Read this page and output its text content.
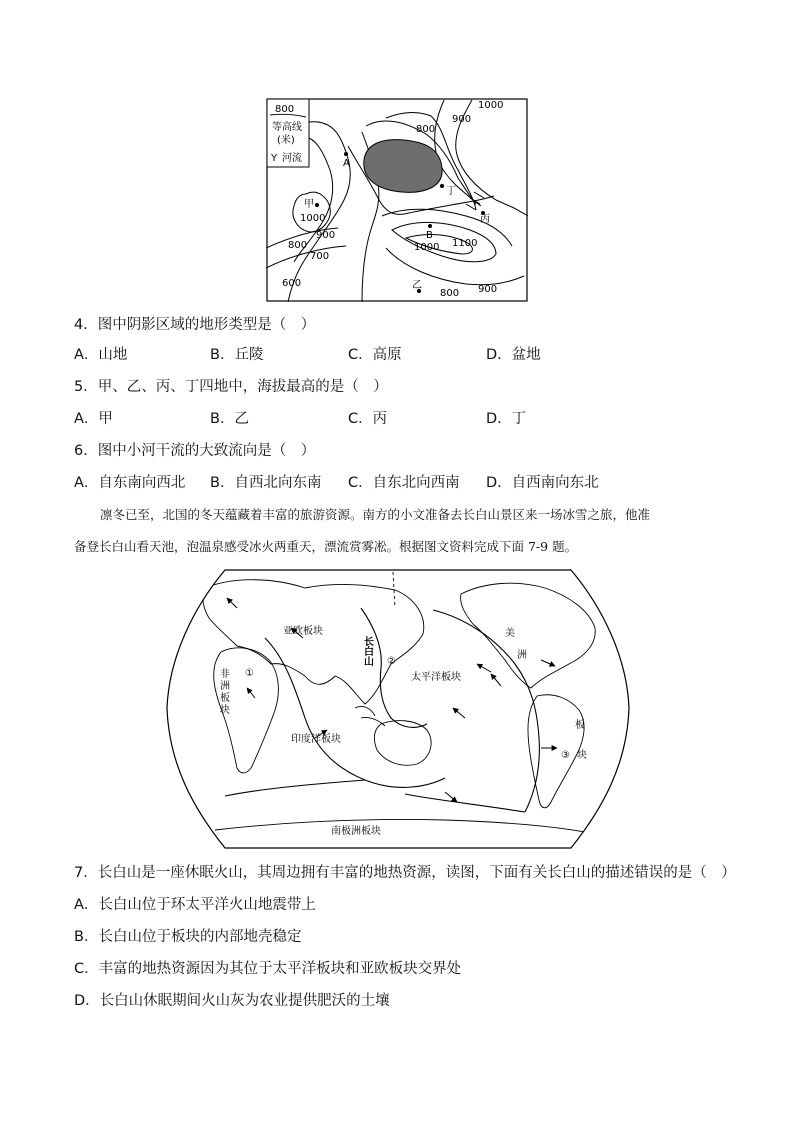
800
等高线
(米)
Y 河流
1000
900
800
A
甲
1000
900
800
700
600
丁
丙
B
1000 1100
乙
800 900
4．图中阴影区域的地形类型是（　）
A．山地	B．丘陵	C．高原	D．盆地
5．甲、乙、丙、丁四地中，海拔最高的是（　）
A．甲	B．乙	C．丙	D．丁
6．图中小河干流的大致流向是（　）
A．自东南向西北 B．自西北向东南 C．自东北向西南 D．自西南向东北
凛冬已至，北国的冬天蕴藏着丰富的旅游资源。南方的小文准备去长白山景区来一场冰雪之旅，他准
备登长白山看天池，泡温泉感受冰火两重天，漂流赏雾凇。根据图文资料完成下面 7-9 题。
亚欧板块
非洲板块
长白山
太平洋板块
美
洲
板
块
印度洋板块
南极洲板块
①
②
③
7．长白山是一座休眠火山，其周边拥有丰富的地热资源，读图，下面有关长白山的描述错误的是（　）
A．长白山位于环太平洋火山地震带上
B．长白山位于板块的内部地壳稳定
C．丰富的地热资源因为其位于太平洋板块和亚欧板块交界处
D．长白山休眠期间火山灰为农业提供肥沃的土壤
